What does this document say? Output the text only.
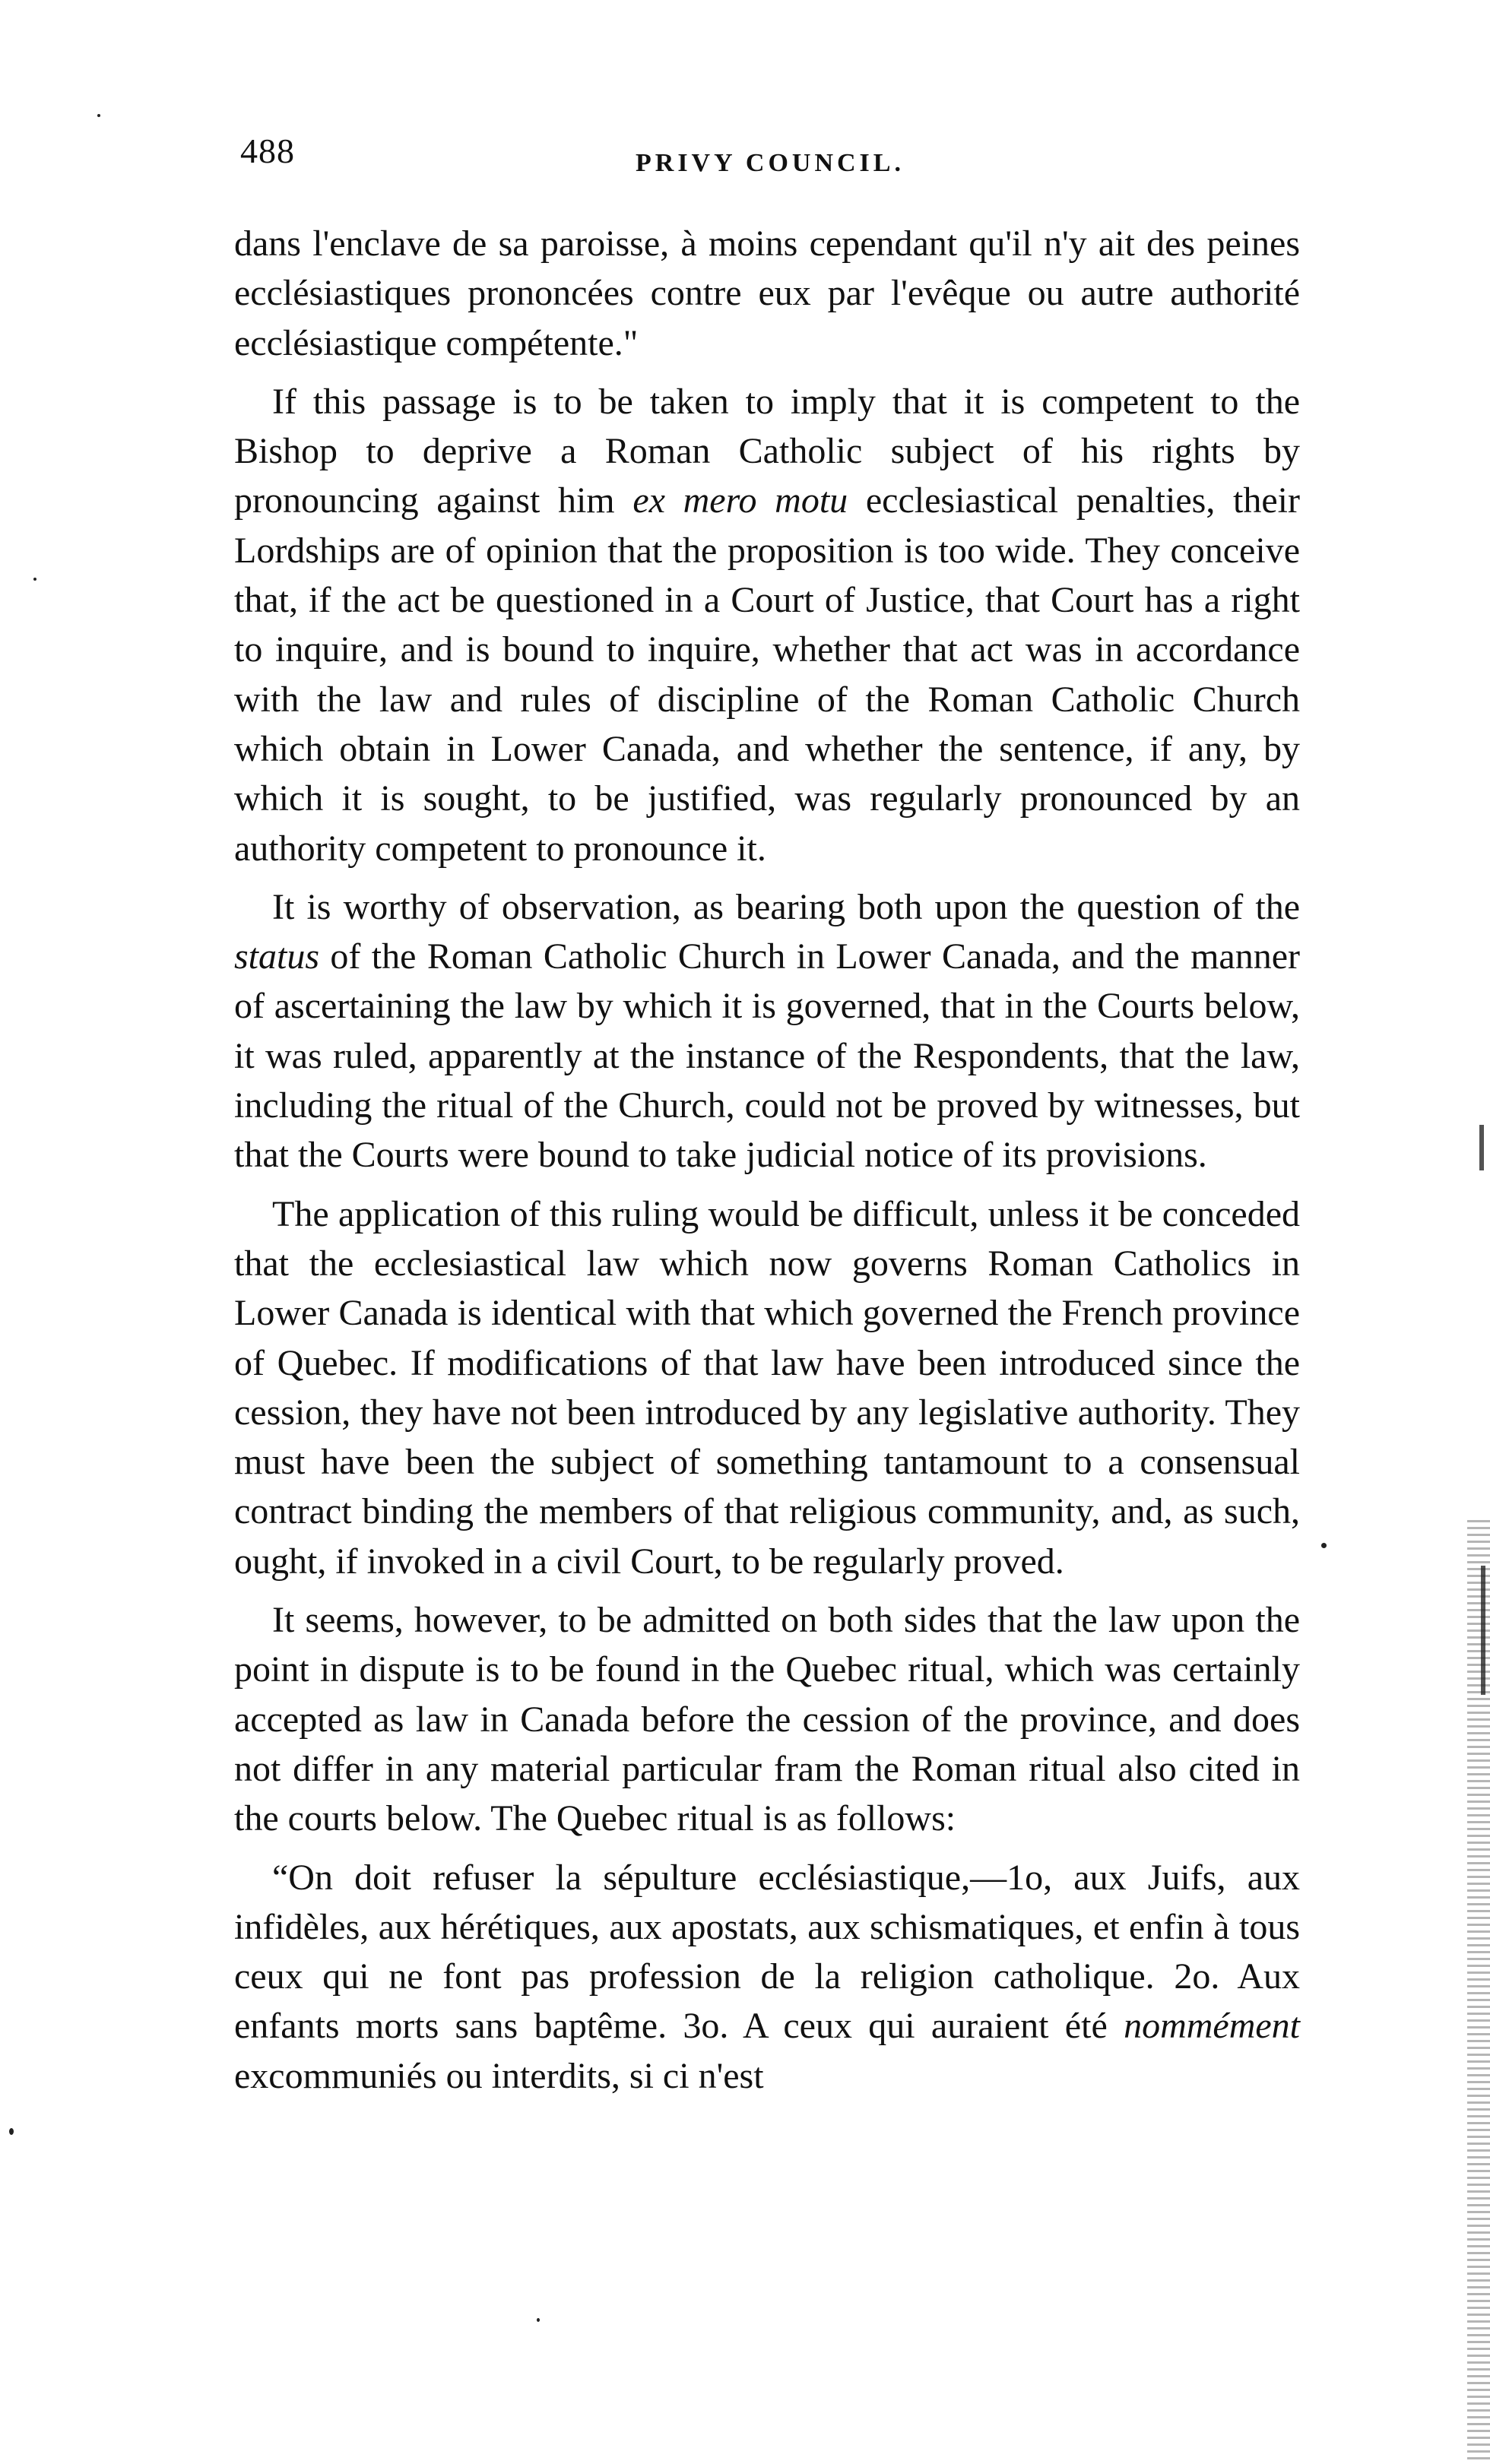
488	PRIVY COUNCIL.

dans l'enclave de sa paroisse, à moins cependant qu'il n'y ait des peines ecclésiastiques prononcées contre eux par l'evêque ou autre authorité ecclésiastique compétente."

If this passage is to be taken to imply that it is competent to the Bishop to deprive a Roman Catholic subject of his rights by pronouncing against him ex mero motu ecclesiastical penalties, their Lordships are of opinion that the proposition is too wide. They conceive that, if the act be questioned in a Court of Justice, that Court has a right to inquire, and is bound to inquire, whether that act was in accordance with the law and rules of discipline of the Roman Catholic Church which obtain in Lower Canada, and whether the sentence, if any, by which it is sought, to be justified, was regularly pronounced by an authority competent to pronounce it.

It is worthy of observation, as bearing both upon the question of the status of the Roman Catholic Church in Lower Canada, and the manner of ascertaining the law by which it is governed, that in the Courts below, it was ruled, apparently at the instance of the Respondents, that the law, including the ritual of the Church, could not be proved by witnesses, but that the Courts were bound to take judicial notice of its provisions.

The application of this ruling would be difficult, unless it be conceded that the ecclesiastical law which now governs Roman Catholics in Lower Canada is identical with that which governed the French province of Quebec. If modifications of that law have been introduced since the cession, they have not been introduced by any legislative authority. They must have been the subject of something tantamount to a consensual contract binding the members of that religious community, and, as such, ought, if invoked in a civil Court, to be regularly proved.

It seems, however, to be admitted on both sides that the law upon the point in dispute is to be found in the Quebec ritual, which was certainly accepted as law in Canada before the cession of the province, and does not differ in any material particular fram the Roman ritual also cited in the courts below. The Quebec ritual is as follows:

“On doit refuser la sépulture ecclésiastique,—1o, aux Juifs, aux infidèles, aux hérétiques, aux apostats, aux schismatiques, et enfin à tous ceux qui ne font pas profession de la religion catholique. 2o. Aux enfants morts sans baptême. 3o. A ceux qui auraient été nommément excommuniés ou interdits, si ci n'est
